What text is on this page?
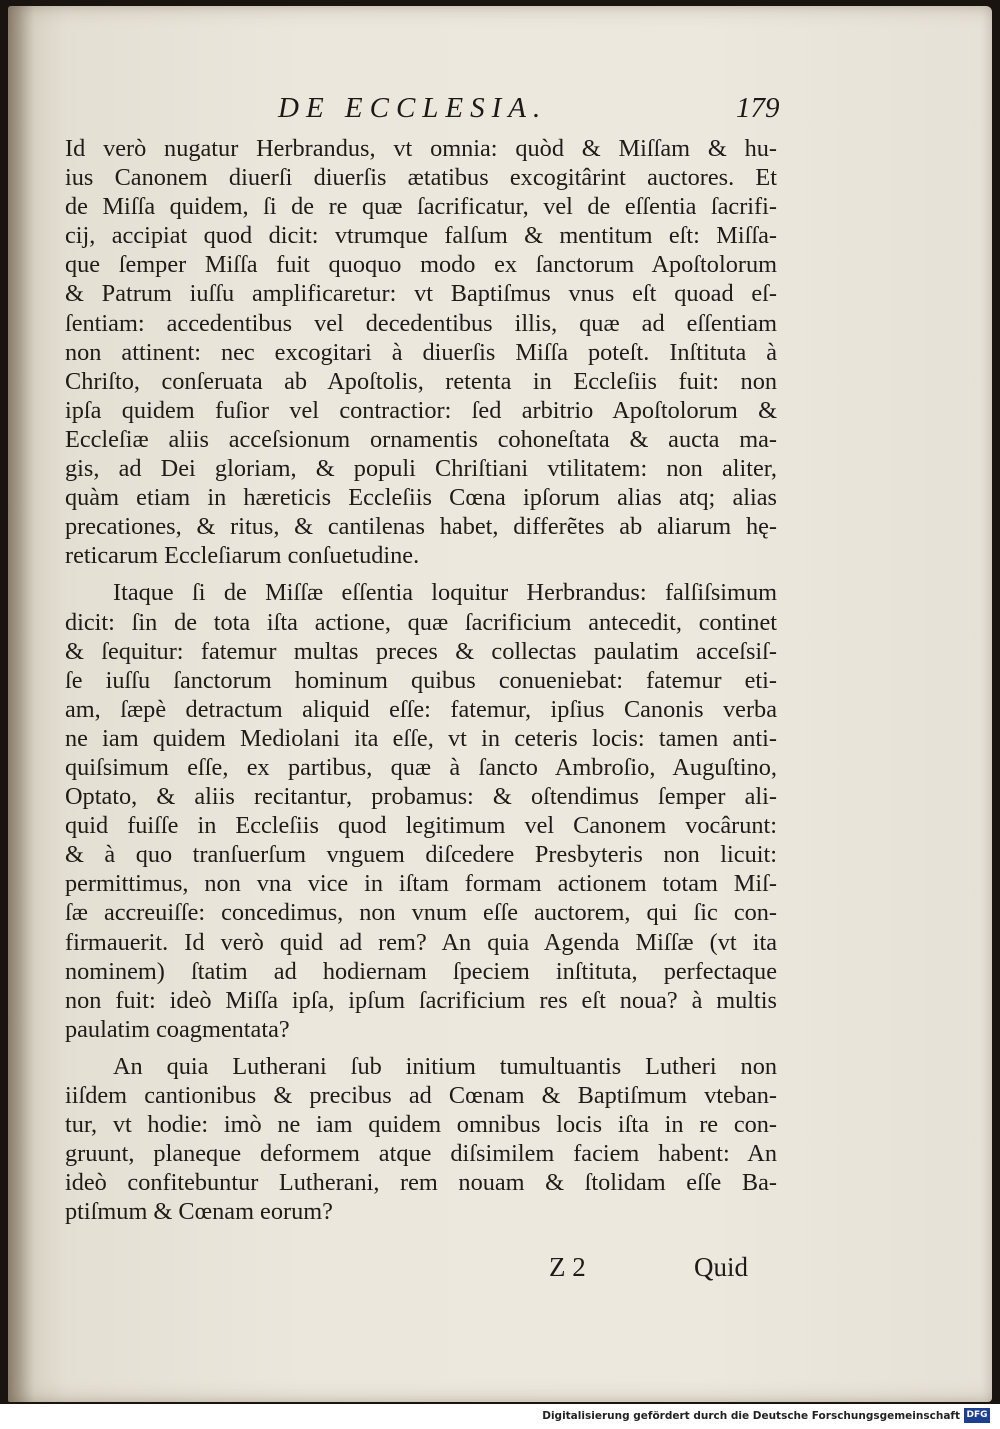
DE ECCLESIA.	179
Id verò nugatur Herbrandus, vt omnia: quòd & Miſſam & hu-
ius Canonem diuerſi diuerſis ætatibus excogitârint auctores. Et
de Miſſa quidem, ſi de re quæ ſacrificatur, vel de eſſentia ſacrifi-
cij, accipiat quod dicit: vtrumque falſum & mentitum eſt: Miſſa-
que ſemper Miſſa fuit quoquo modo ex ſanctorum Apoſtolorum
& Patrum iuſſu amplificaretur: vt Baptiſmus vnus eſt quoad eſ-
ſentiam: accedentibus vel decedentibus illis, quæ ad eſſentiam
non attinent: nec excogitari à diuerſis Miſſa poteſt. Inſtituta à
Chriſto, conſeruata ab Apoſtolis, retenta in Eccleſiis fuit: non
ipſa quidem fuſior vel contractior: ſed arbitrio Apoſtolorum &
Eccleſiæ aliis acceſsionum ornamentis cohoneſtata & aucta ma-
gis, ad Dei gloriam, & populi Chriſtiani vtilitatem: non aliter,
quàm etiam in hæreticis Eccleſiis Cœna ipſorum alias atq; alias
precationes, & ritus, & cantilenas habet, differẽtes ab aliarum hę-
reticarum Eccleſiarum conſuetudine.
Itaque ſi de Miſſæ eſſentia loquitur Herbrandus: falſiſsimum
dicit: ſin de tota iſta actione, quæ ſacrificium antecedit, continet
& ſequitur: fatemur multas preces & collectas paulatim acceſsiſ-
ſe iuſſu ſanctorum hominum quibus conueniebat: fatemur eti-
am, ſæpè detractum aliquid eſſe: fatemur, ipſius Canonis verba
ne iam quidem Mediolani ita eſſe, vt in ceteris locis: tamen anti-
quiſsimum eſſe, ex partibus, quæ à ſancto Ambroſio, Auguſtino,
Optato, & aliis recitantur, probamus: & oſtendimus ſemper ali-
quid fuiſſe in Eccleſiis quod legitimum vel Canonem vocârunt:
& à quo tranſuerſum vnguem diſcedere Presbyteris non licuit:
permittimus, non vna vice in iſtam formam actionem totam Miſ-
ſæ accreuiſſe: concedimus, non vnum eſſe auctorem, qui ſic con-
firmauerit. Id verò quid ad rem? An quia Agenda Miſſæ (vt ita
nominem) ſtatim ad hodiernam ſpeciem inſtituta, perfectaque
non fuit: ideò Miſſa ipſa, ipſum ſacrificium res eſt noua? à multis
paulatim coagmentata?
An quia Lutherani ſub initium tumultuantis Lutheri non
iiſdem cantionibus & precibus ad Cœnam & Baptiſmum vteban-
tur, vt hodie: imò ne iam quidem omnibus locis iſta in re con-
gruunt, planeque deformem atque diſsimilem faciem habent: An
ideò confitebuntur Lutherani, rem nouam & ſtolidam eſſe Ba-
ptiſmum & Cœnam eorum?
Z 2	Quid
Digitalisierung gefördert durch die Deutsche Forschungsgemeinschaft DFG
